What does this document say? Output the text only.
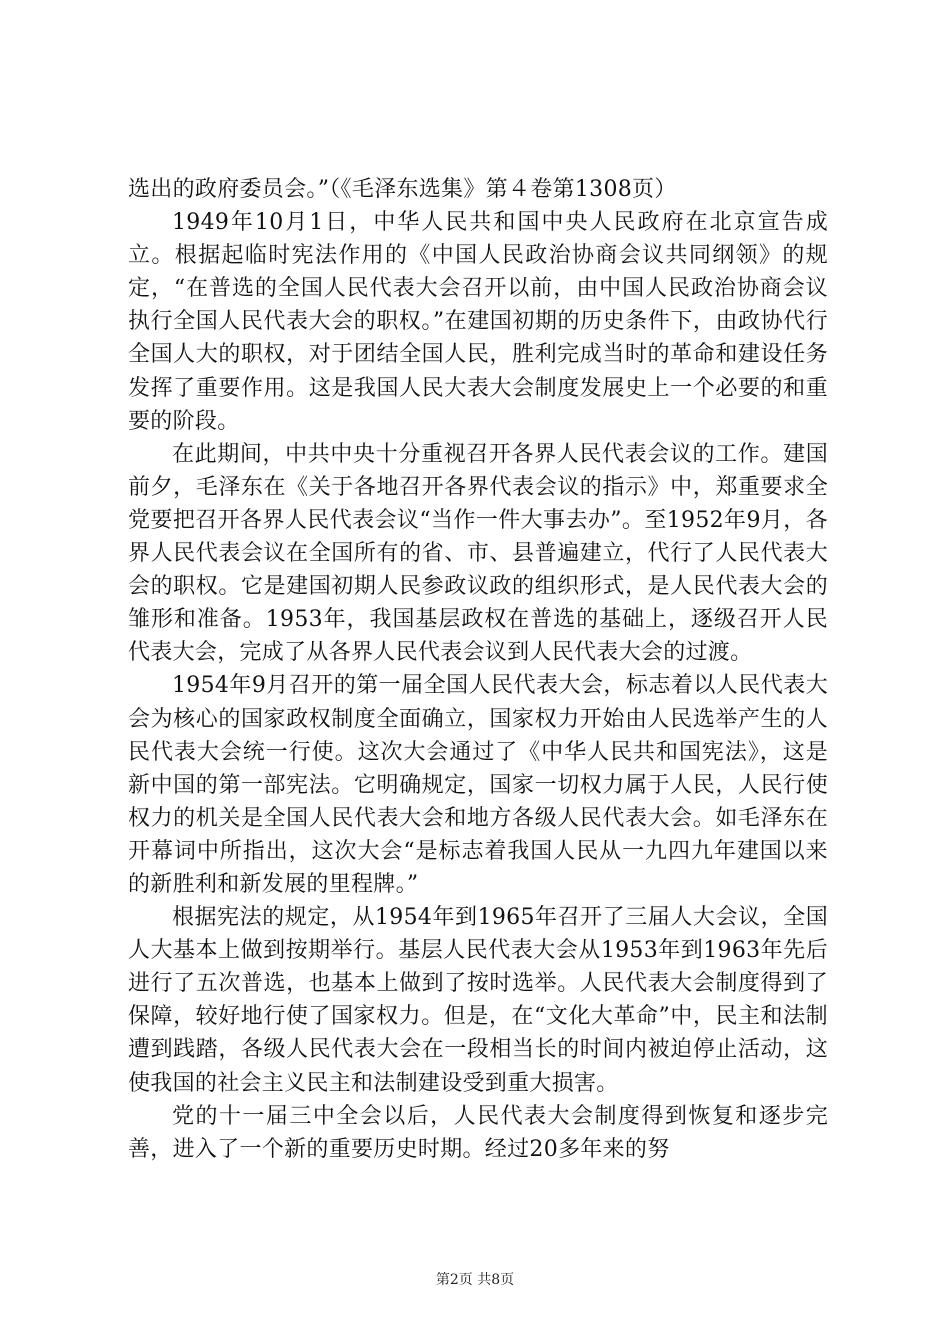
选出的政府委员会。”（《毛泽东选集》第４卷第1308页）

1949年10月1日，中华人民共和国中央人民政府在北京宣告成立。根据起临时宪法作用的《中国人民政治协商会议共同纲领》的规定，“在普选的全国人民代表大会召开以前，由中国人民政治协商会议执行全国人民代表大会的职权。”在建国初期的历史条件下，由政协代行全国人大的职权，对于团结全国人民，胜利完成当时的革命和建设任务发挥了重要作用。这是我国人民大表大会制度发展史上一个必要的和重要的阶段。

在此期间，中共中央十分重视召开各界人民代表会议的工作。建国前夕，毛泽东在《关于各地召开各界代表会议的指示》中，郑重要求全党要把召开各界人民代表会议“当作一件大事去办”。至1952年9月，各界人民代表会议在全国所有的省、市、县普遍建立，代行了人民代表大会的职权。它是建国初期人民参政议政的组织形式，是人民代表大会的雏形和准备。1953年，我国基层政权在普选的基础上，逐级召开人民代表大会，完成了从各界人民代表会议到人民代表大会的过渡。

1954年9月召开的第一届全国人民代表大会，标志着以人民代表大会为核心的国家政权制度全面确立，国家权力开始由人民选举产生的人民代表大会统一行使。这次大会通过了《中华人民共和国宪法》，这是新中国的第一部宪法。它明确规定，国家一切权力属于人民，人民行使权力的机关是全国人民代表大会和地方各级人民代表大会。如毛泽东在开幕词中所指出，这次大会“是标志着我国人民从一九四九年建国以来的新胜利和新发展的里程牌。”

根据宪法的规定，从1954年到1965年召开了三届人大会议，全国人大基本上做到按期举行。基层人民代表大会从1953年到1963年先后进行了五次普选，也基本上做到了按时选举。人民代表大会制度得到了保障，较好地行使了国家权力。但是，在“文化大革命”中，民主和法制遭到践踏，各级人民代表大会在一段相当长的时间内被迫停止活动，这使我国的社会主义民主和法制建设受到重大损害。

党的十一届三中全会以后，人民代表大会制度得到恢复和逐步完善，进入了一个新的重要历史时期。经过20多年来的努

第2页 共8页
